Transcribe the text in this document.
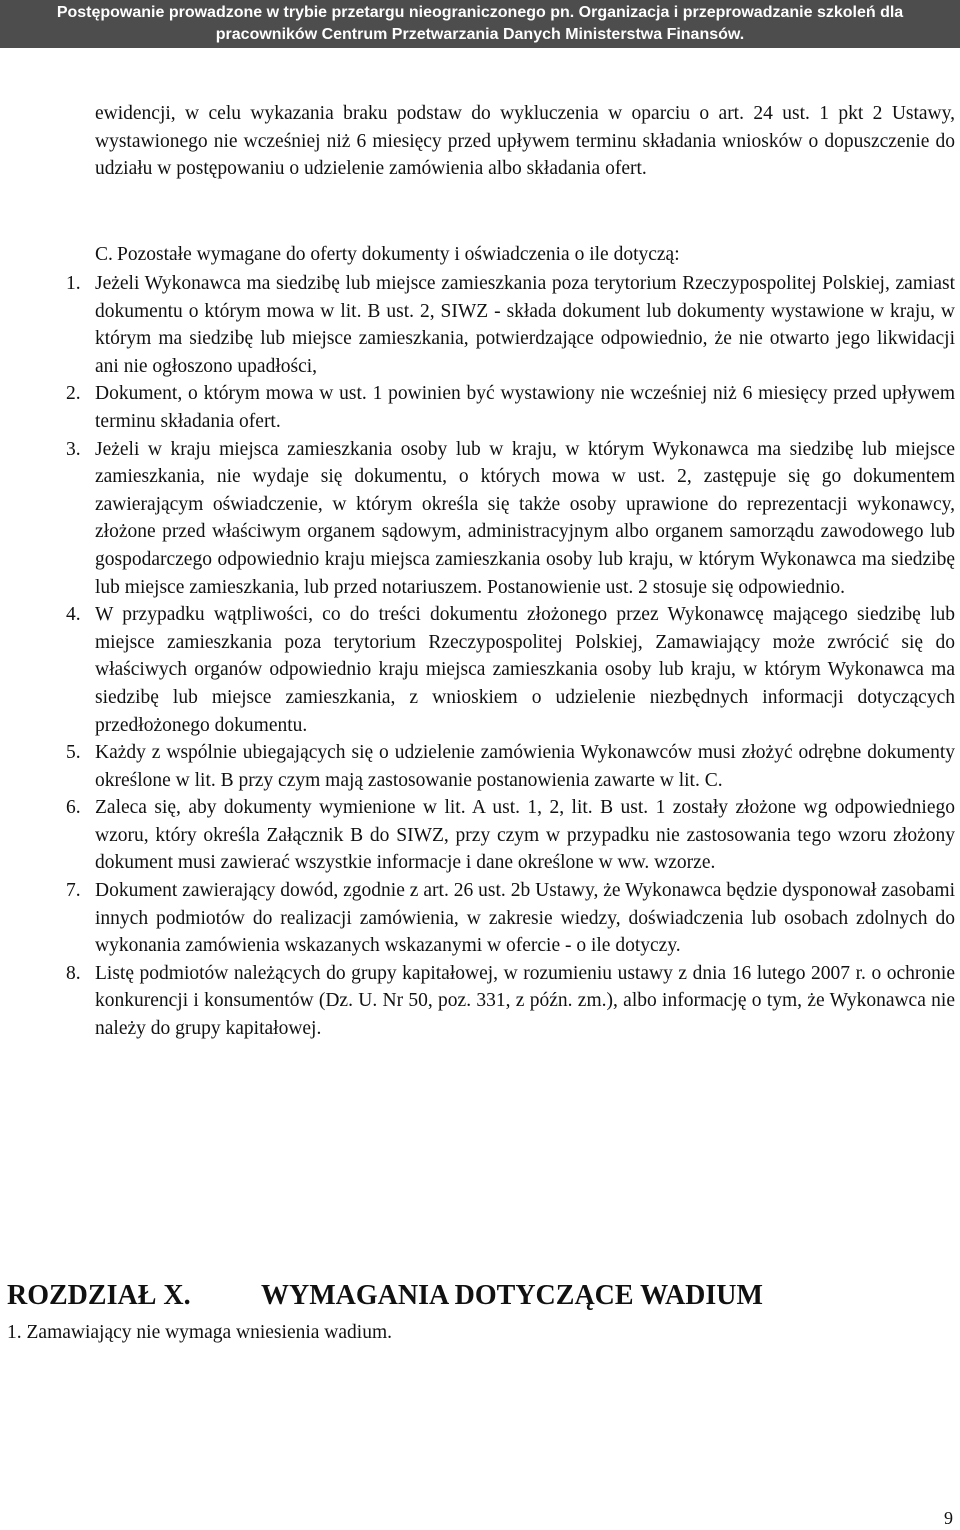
Postępowanie prowadzone w trybie przetargu nieograniczonego pn. Organizacja i przeprowadzanie szkoleń dla
pracowników Centrum Przetwarzania Danych Ministerstwa Finansów.

ewidencji, w celu wykazania braku podstaw do wykluczenia w oparciu o art. 24 ust. 1 pkt 2 Ustawy, wystawionego nie wcześniej niż 6 miesięcy przed upływem terminu składania wniosków o dopuszczenie do udziału w postępowaniu o udzielenie zamówienia albo składania ofert.

C. Pozostałe wymagane do oferty dokumenty i oświadczenia o ile dotyczą:
1. Jeżeli Wykonawca ma siedzibę lub miejsce zamieszkania poza terytorium Rzeczypospolitej Polskiej, zamiast dokumentu o którym mowa w lit. B ust. 2, SIWZ - składa dokument lub dokumenty wystawione w kraju, w którym ma siedzibę lub miejsce zamieszkania, potwierdzające odpowiednio, że nie otwarto jego likwidacji ani nie ogłoszono upadłości,
2. Dokument, o którym mowa w ust. 1 powinien być wystawiony nie wcześniej niż 6 miesięcy przed upływem terminu składania ofert.
3. Jeżeli w kraju miejsca zamieszkania osoby lub w kraju, w którym Wykonawca ma siedzibę lub miejsce zamieszkania, nie wydaje się dokumentu, o których mowa w ust. 2, zastępuje się go dokumentem zawierającym oświadczenie, w którym określa się także osoby uprawione do reprezentacji wykonawcy, złożone przed właściwym organem sądowym, administracyjnym albo organem samorządu zawodowego lub gospodarczego odpowiednio kraju miejsca zamieszkania osoby lub kraju, w którym Wykonawca ma siedzibę lub miejsce zamieszkania, lub przed notariuszem. Postanowienie ust. 2 stosuje się odpowiednio.
4. W przypadku wątpliwości, co do treści dokumentu złożonego przez Wykonawcę mającego siedzibę lub miejsce zamieszkania poza terytorium Rzeczypospolitej Polskiej, Zamawiający może zwrócić się do właściwych organów odpowiednio kraju miejsca zamieszkania osoby lub kraju, w którym Wykonawca ma siedzibę lub miejsce zamieszkania, z wnioskiem o udzielenie niezbędnych informacji dotyczących przedłożonego dokumentu.
5. Każdy z wspólnie ubiegających się o udzielenie zamówienia Wykonawców musi złożyć odrębne dokumenty określone w lit. B przy czym mają zastosowanie postanowienia zawarte w lit. C.
6. Zaleca się, aby dokumenty wymienione w lit. A ust. 1, 2, lit. B ust. 1 zostały złożone wg odpowiedniego wzoru, który określa Załącznik B do SIWZ, przy czym w przypadku nie zastosowania tego wzoru złożony dokument musi zawierać wszystkie informacje i dane określone w ww. wzorze.
7. Dokument zawierający dowód, zgodnie z art. 26 ust. 2b Ustawy, że Wykonawca będzie dysponował zasobami innych podmiotów do realizacji zamówienia, w zakresie wiedzy, doświadczenia lub osobach zdolnych do wykonania zamówienia wskazanych wskazanymi w ofercie - o ile dotyczy.
8. Listę podmiotów należących do grupy kapitałowej, w rozumieniu ustawy z dnia 16 lutego 2007 r. o ochronie konkurencji i konsumentów (Dz. U. Nr 50, poz. 331, z późn. zm.), albo informację o tym, że Wykonawca nie należy do grupy kapitałowej.
ROZDZIAŁ X.	WYMAGANIA DOTYCZĄCE WADIUM
1. Zamawiający nie wymaga wniesienia wadium.
9
